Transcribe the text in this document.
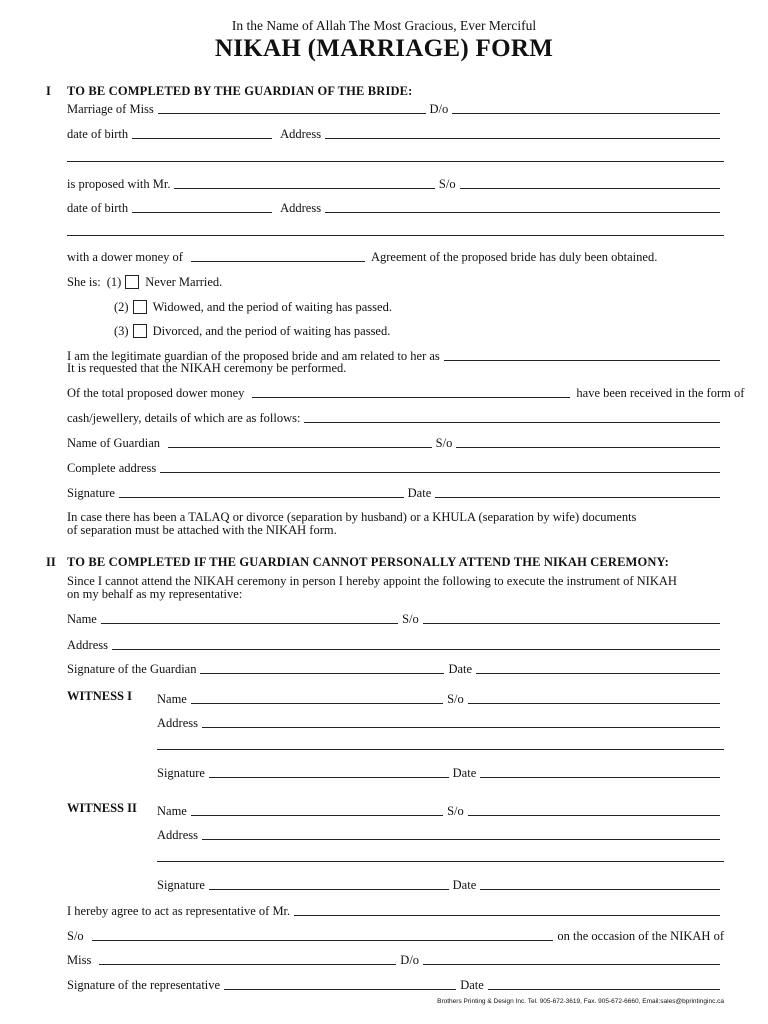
In the Name of Allah The Most Gracious, Ever Merciful
NIKAH (MARRIAGE) FORM
I TO BE COMPLETED BY THE GUARDIAN OF THE BRIDE:
Marriage of Miss	D/o
date of birth	Address
is proposed with Mr.	S/o
date of birth	Address
with a dower money of	Agreement of the proposed bride has duly been obtained.
She is: (1) Never Married.
(2) Widowed, and the period of waiting has passed.
(3) Divorced, and the period of waiting has passed.
I am the legitimate guardian of the proposed bride and am related to her as
It is requested that the NIKAH ceremony be performed.
Of the total proposed dower money	have been received in the form of
cash/jewellery, details of which are as follows:
Name of Guardian	S/o
Complete address
Signature	Date
In case there has been a TALAQ or divorce (separation by husband) or a KHULA (separation by wife) documents
of separation must be attached with the NIKAH form.
II TO BE COMPLETED IF THE GUARDIAN CANNOT PERSONALLY ATTEND THE NIKAH CEREMONY:
Since I cannot attend the NIKAH ceremony in person I hereby appoint the following to execute the instrument of NIKAH
on my behalf as my representative:
Name	S/o
Address
Signature of the Guardian	Date
WITNESS I Name	S/o
Address
Signature	Date
WITNESS II Name	S/o
Address
Signature	Date
I hereby agree to act as representative of Mr.
S/o	on the occasion of the NIKAH of
Miss	D/o
Signature of the representative	Date
Brothers Printing & Design Inc. Tel. 905-672-3619, Fax. 905-672-6660, Email:sales@bprintinginc.ca
